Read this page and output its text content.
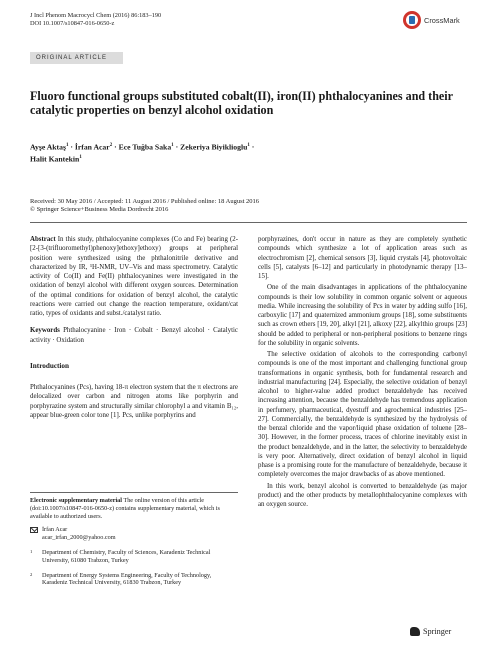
J Incl Phenom Macrocycl Chem (2016) 86:183–190
DOI 10.1007/s10847-016-0650-z	CrossMark
ORIGINAL ARTICLE
Fluoro functional groups substituted cobalt(II), iron(II) phthalocyanines and their catalytic properties on benzyl alcohol oxidation
Ayşe Aktaş$^1$ · İrfan Acar$^2$ · Ece Tuğba Saka$^1$ · Zekeriya Biyiklioglu$^1$ ·
Halit Kantekin$^1$
Received: 30 May 2016 / Accepted: 11 August 2016 / Published online: 18 August 2016
© Springer Science+Business Media Dordrecht 2016

Abstract In this study, phthalocyanine complexes (Co and Fe) bearing (2-[2-[3-(trifluoromethyl)phenoxy]ethoxy]ethoxy) groups at peripheral position were synthesized using the phthalonitrile derivative and characterized by IR, ¹H-NMR, UV–Vis and mass spectrometry. Catalytic activity of Co(II) and Fe(II) phthalocyanines were investigated in the oxidation of benzyl alcohol with different oxygen sources. Determination of the optimal conditions for oxidation of benzyl alcohol, the catalytic reactions were carried out change the reaction temperature, oxidant/cat ratio, types of oxidants and subst./catalyst ratio.

Keywords Phthalocyanine · Iron · Cobalt · Benzyl alcohol · Catalytic activity · Oxidation

Introduction

Phthalocyanines (Pcs), having 18-π electron system that the π electrons are delocalized over carbon and nitrogen atoms like porphyrin and porphyrazine system and structurally similar chlorophyl a and vitamin B₁₂, appear blue-green color tone [1]. Pcs, unlike porphyrins and

Electronic supplementary material The online version of this article (doi:10.1007/s10847-016-0650-z) contains supplementary material, which is available to authorized users.

İrfan Acar
acar_irfan_2000@yahoo.com
1 Department of Chemistry, Faculty of Sciences, Karadeniz Technical University, 61080 Trabzon, Turkey
2 Department of Energy Systems Engineering, Faculty of Technology, Karadeniz Technical University, 61830 Trabzon, Turkey

porphyrazines, don't occur in nature as they are completely synthetic compounds which synthesize a lot of application areas such as electrochromism [2], chemical sensors [3], liquid crystals [4], photovoltaic cells [5], catalysts [6–12] and particularly in photodynamic therapy [13–15].

One of the main disadvantages in applications of the phthalocyanine compounds is their low solubility in common organic solvent or aqueous media. While increasing the solubility of Pcs in water by adding sulfo [16], carboxylic [17] and quaternized ammonium groups [18], some substituents such as crown ethers [19, 20], alkyl [21], alkoxy [22], alkylthio groups [23] should be added to peripheral or non-peripheral positions to benzene rings for the solubility in organic solvents.

The selective oxidation of alcohols to the corresponding carbonyl compounds is one of the most important and challenging functional group transformations in organic synthesis, both for fundamental research and industrial manufacturing [24]. Especially, the selective oxidation of benzyl alcohol to higher-value added product benzaldehyde has received increasing attention, because the benzaldehyde has tremendous application in perfumery, pharmaceutical, dyestuff and agrochemical industries [25–27]. Commercially, the benzaldehyde is synthesized by the hydrolysis of the benzal chloride and the vapor/liquid phase oxidation of toluene [28–30]. However, in the former process, traces of chlorine inevitably exist in the product benzaldehyde, and in the latter, the selectivity to benzaldehyde is very poor. Alternatively, direct oxidation of benzyl alcohol in liquid phase is a promising route for the manufacture of benzaldehyde, because it completely overcomes the major drawbacks of as above mentioned.

In this work, benzyl alcohol is converted to benzaldehyde (as major product) and the other products by metallophthalocyanine complexes with an oxygen source.

Springer
